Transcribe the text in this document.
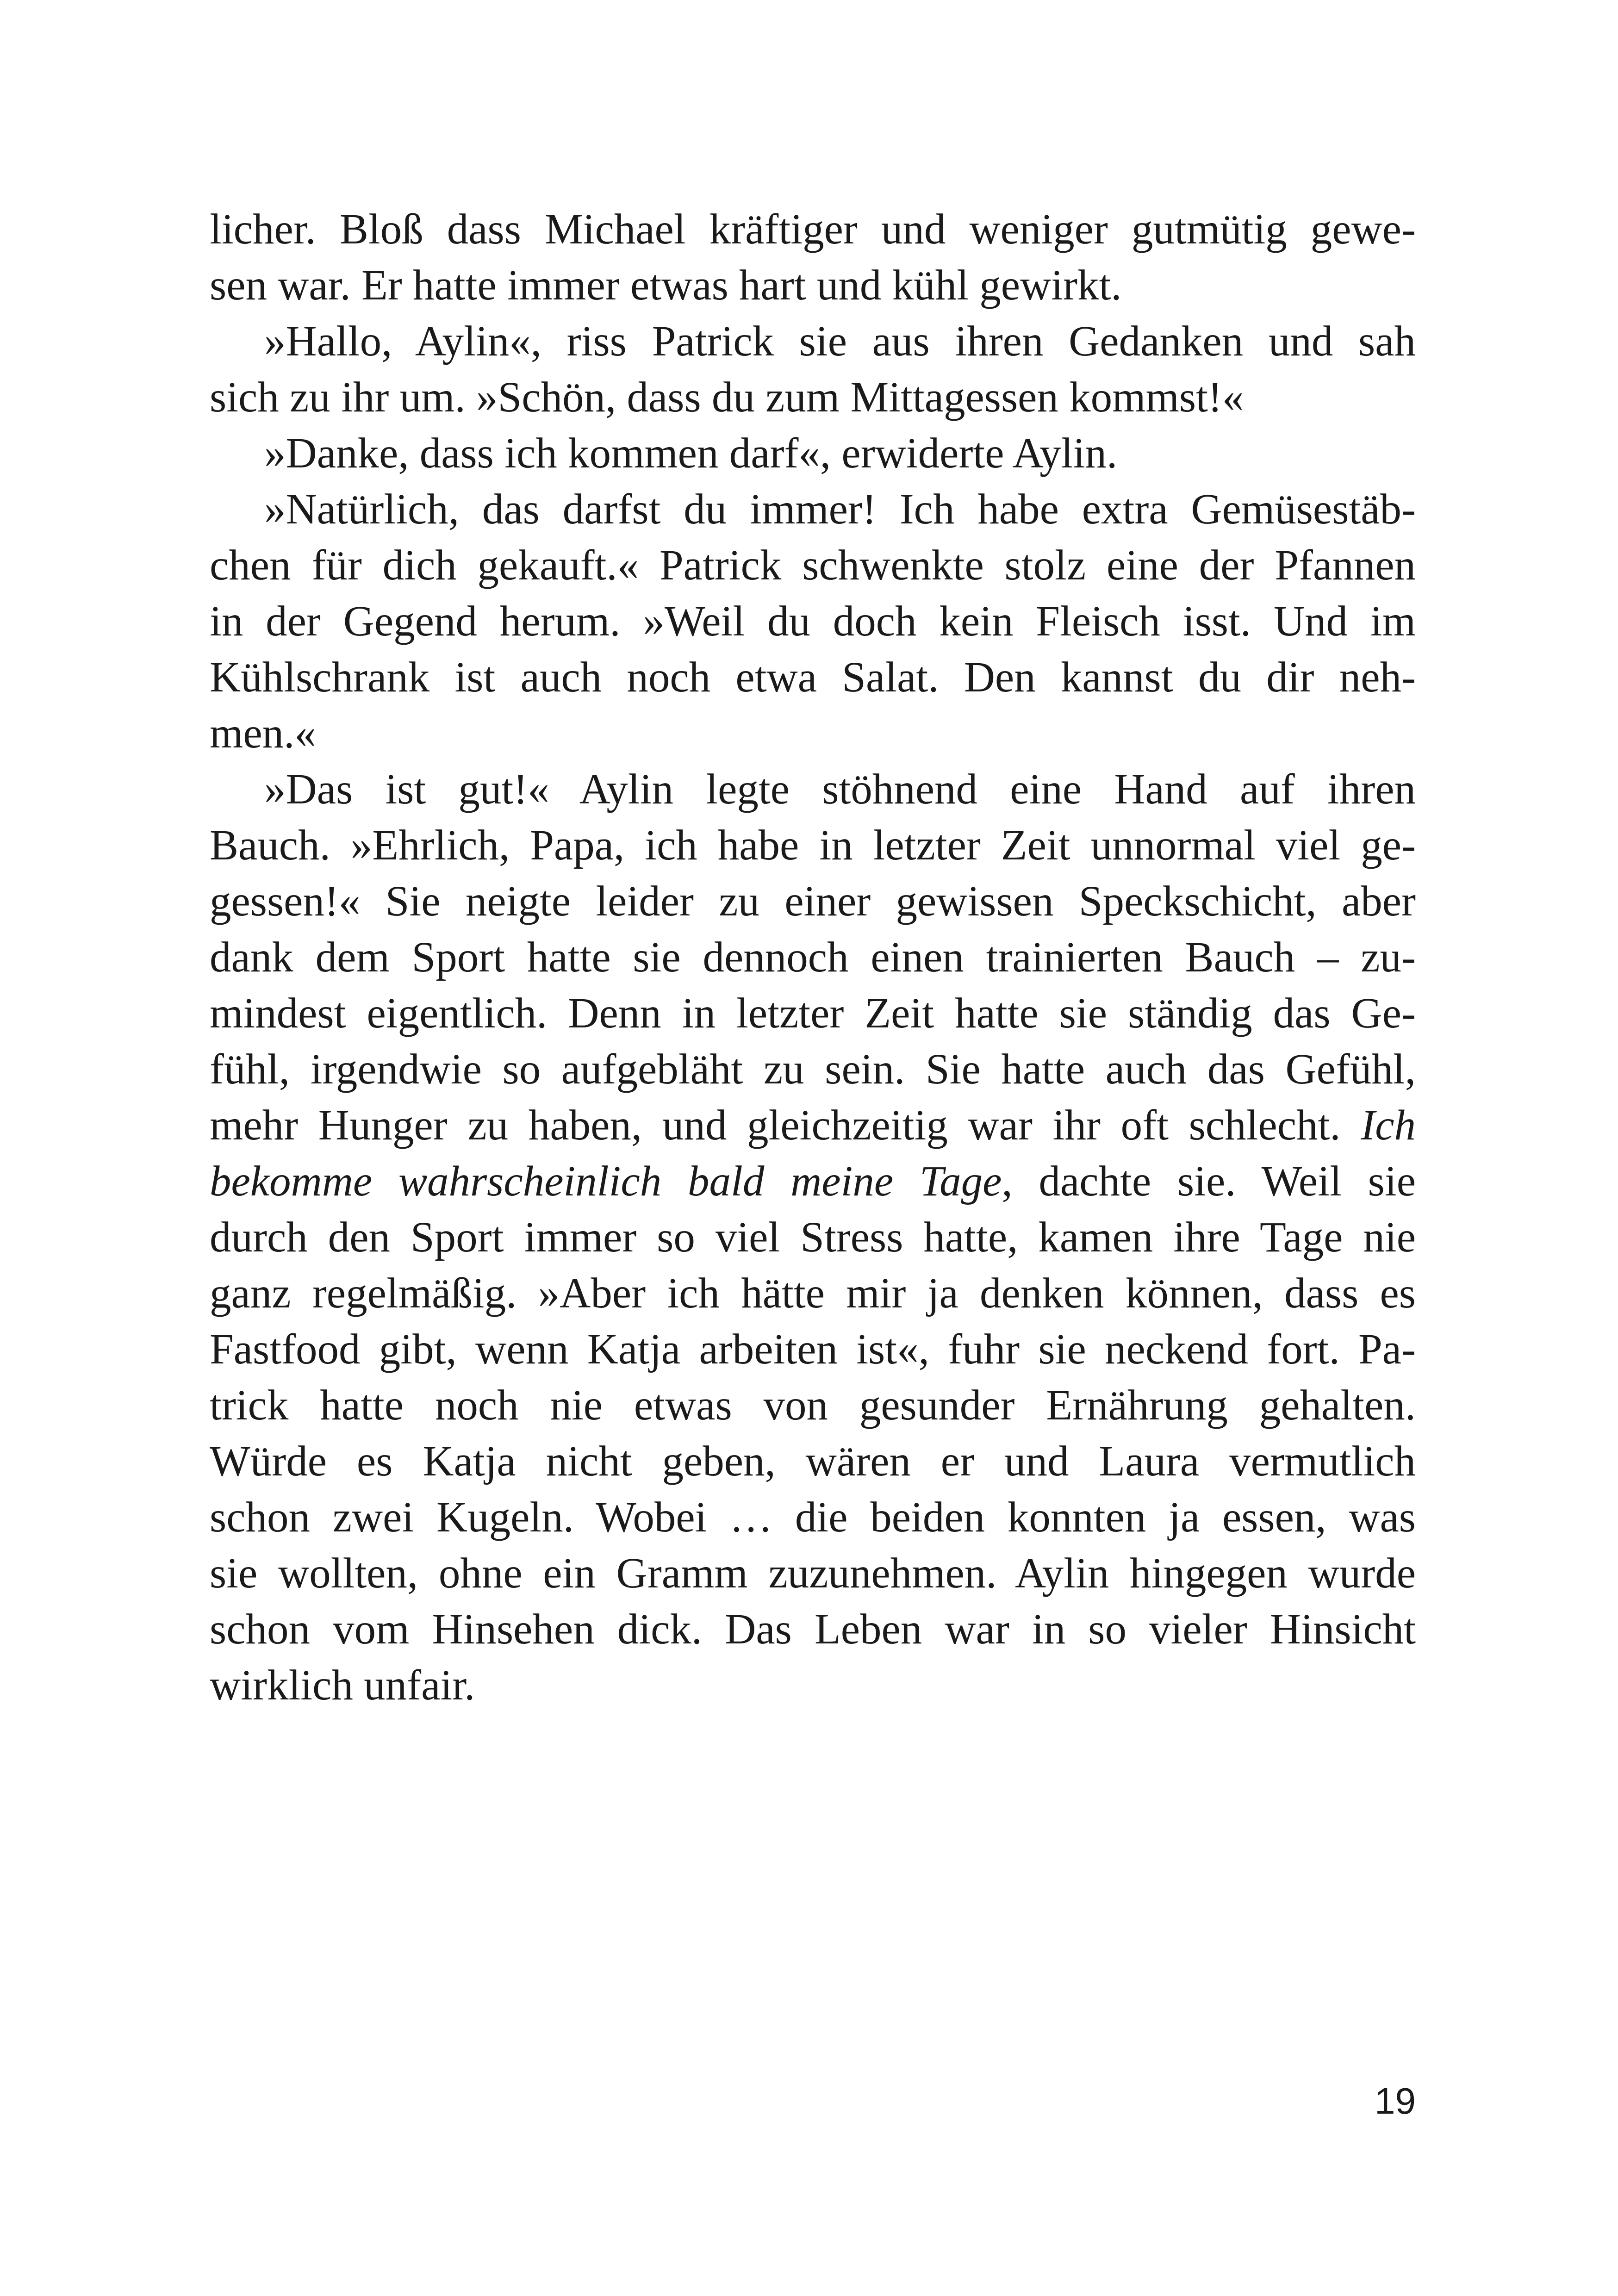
licher. Bloß dass Michael kräftiger und weniger gutmütig gewe-
sen war. Er hatte immer etwas hart und kühl gewirkt.
»Hallo, Aylin«, riss Patrick sie aus ihren Gedanken und sah
sich zu ihr um. »Schön, dass du zum Mittagessen kommst!«
»Danke, dass ich kommen darf«, erwiderte Aylin.
»Natürlich, das darfst du immer! Ich habe extra Gemüsestäb-
chen für dich gekauft.« Patrick schwenkte stolz eine der Pfannen
in der Gegend herum. »Weil du doch kein Fleisch isst. Und im
Kühlschrank ist auch noch etwa Salat. Den kannst du dir neh-
men.«
»Das ist gut!« Aylin legte stöhnend eine Hand auf ihren
Bauch. »Ehrlich, Papa, ich habe in letzter Zeit unnormal viel ge-
gessen!« Sie neigte leider zu einer gewissen Speckschicht, aber
dank dem Sport hatte sie dennoch einen trainierten Bauch – zu-
mindest eigentlich. Denn in letzter Zeit hatte sie ständig das Ge-
fühl, irgendwie so aufgebläht zu sein. Sie hatte auch das Gefühl,
mehr Hunger zu haben, und gleichzeitig war ihr oft schlecht. Ich
bekomme wahrscheinlich bald meine Tage, dachte sie. Weil sie
durch den Sport immer so viel Stress hatte, kamen ihre Tage nie
ganz regelmäßig. »Aber ich hätte mir ja denken können, dass es
Fastfood gibt, wenn Katja arbeiten ist«, fuhr sie neckend fort. Pa-
trick hatte noch nie etwas von gesunder Ernährung gehalten.
Würde es Katja nicht geben, wären er und Laura vermutlich
schon zwei Kugeln. Wobei … die beiden konnten ja essen, was
sie wollten, ohne ein Gramm zuzunehmen. Aylin hingegen wurde
schon vom Hinsehen dick. Das Leben war in so vieler Hinsicht
wirklich unfair.
19
